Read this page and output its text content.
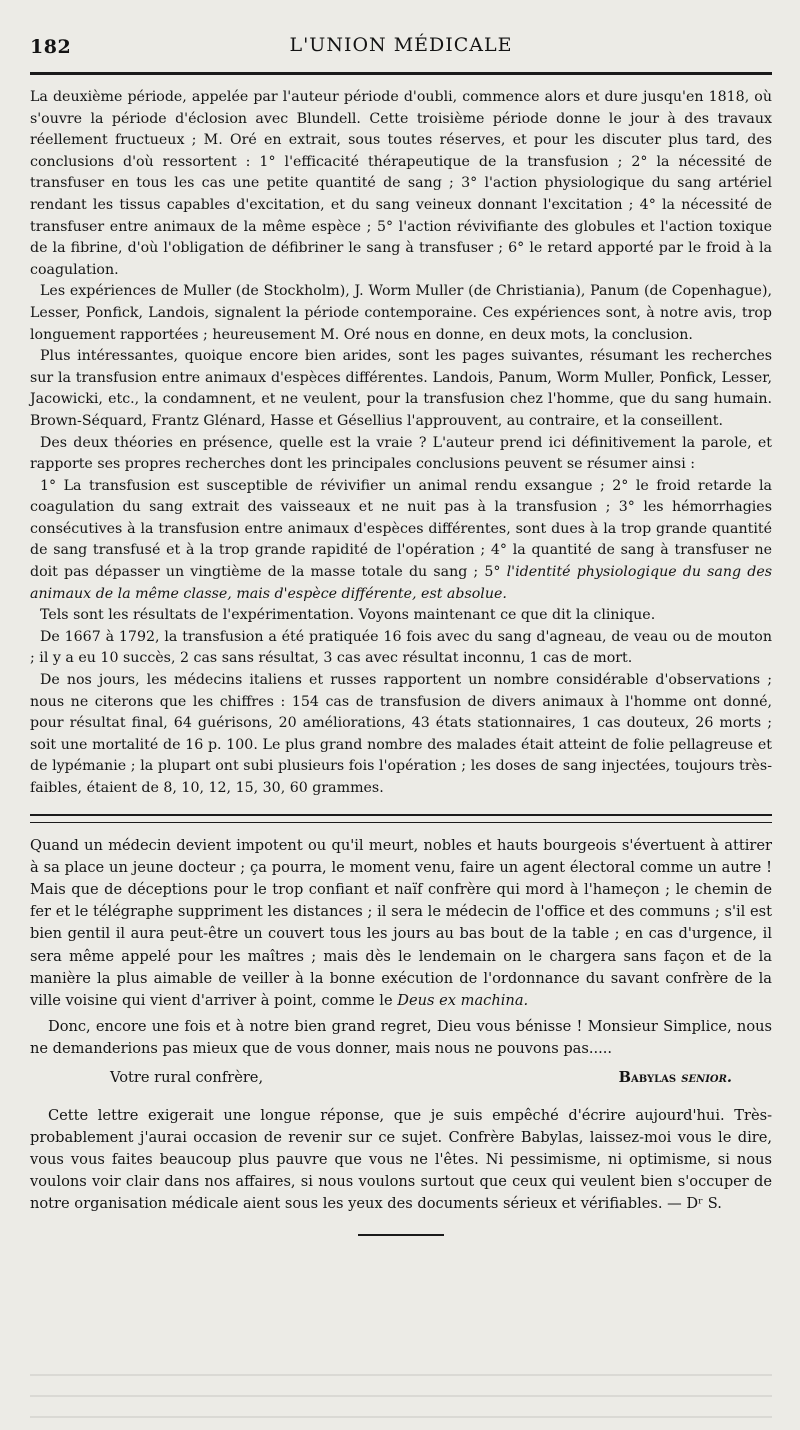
182	L'UNION MÉDICALE

La deuxième période, appelée par l'auteur période d'oubli, commence alors et dure jusqu'en 1818, où s'ouvre la période d'éclosion avec Blundell. Cette troisième période donne le jour à des travaux réellement fructueux ; M. Oré en extrait, sous toutes réserves, et pour les discuter plus tard, des conclusions d'où ressortent : 1° l'efficacité thérapeutique de la transfusion ; 2° la nécessité de transfuser en tous les cas une petite quantité de sang ; 3° l'action physiologique du sang artériel rendant les tissus capables d'excitation, et du sang veineux donnant l'excitation ; 4° la nécessité de transfuser entre animaux de la même espèce ; 5° l'action révivifiante des globules et l'action toxique de la fibrine, d'où l'obligation de défibriner le sang à transfuser ; 6° le retard apporté par le froid à la coagulation.

Les expériences de Muller (de Stockholm), J. Worm Muller (de Christiania), Panum (de Copenhague), Lesser, Ponfick, Landois, signalent la période contemporaine. Ces expériences sont, à notre avis, trop longuement rapportées ; heureusement M. Oré nous en donne, en deux mots, la conclusion.

Plus intéressantes, quoique encore bien arides, sont les pages suivantes, résumant les recherches sur la transfusion entre animaux d'espèces différentes. Landois, Panum, Worm Muller, Ponfick, Lesser, Jacowicki, etc., la condamnent, et ne veulent, pour la transfusion chez l'homme, que du sang humain. Brown-Séquard, Frantz Glénard, Hasse et Gésellius l'approuvent, au contraire, et la conseillent.

Des deux théories en présence, quelle est la vraie ? L'auteur prend ici définitivement la parole, et rapporte ses propres recherches dont les principales conclusions peuvent se résumer ainsi :

1° La transfusion est susceptible de révivifier un animal rendu exsangue ; 2° le froid retarde la coagulation du sang extrait des vaisseaux et ne nuit pas à la transfusion ; 3° les hémorrhagies consécutives à la transfusion entre animaux d'espèces différentes, sont dues à la trop grande quantité de sang transfusé et à la trop grande rapidité de l'opération ; 4° la quantité de sang à transfuser ne doit pas dépasser un vingtième de la masse totale du sang ; 5° l'identité physiologique du sang des animaux de la même classe, mais d'espèce différente, est absolue.

Tels sont les résultats de l'expérimentation. Voyons maintenant ce que dit la clinique.

De 1667 à 1792, la transfusion a été pratiquée 16 fois avec du sang d'agneau, de veau ou de mouton ; il y a eu 10 succès, 2 cas sans résultat, 3 cas avec résultat inconnu, 1 cas de mort.

De nos jours, les médecins italiens et russes rapportent un nombre considérable d'observations ; nous ne citerons que les chiffres : 154 cas de transfusion de divers animaux à l'homme ont donné, pour résultat final, 64 guérisons, 20 améliorations, 43 états stationnaires, 1 cas douteux, 26 morts ; soit une mortalité de 16 p. 100. Le plus grand nombre des malades était atteint de folie pellagreuse et de lypémanie ; la plupart ont subi plusieurs fois l'opération ; les doses de sang injectées, toujours très-faibles, étaient de 8, 10, 12, 15, 30, 60 grammes.

Quand un médecin devient impotent ou qu'il meurt, nobles et hauts bourgeois s'évertuent à attirer à sa place un jeune docteur ; ça pourra, le moment venu, faire un agent électoral comme un autre ! Mais que de déceptions pour le trop confiant et naïf confrère qui mord à l'hameçon ; le chemin de fer et le télégraphe suppriment les distances ; il sera le médecin de l'office et des communs ; s'il est bien gentil il aura peut-être un couvert tous les jours au bas bout de la table ; en cas d'urgence, il sera même appelé pour les maîtres ; mais dès le lendemain on le chargera sans façon et de la manière la plus aimable de veiller à la bonne exécution de l'ordonnance du savant confrère de la ville voisine qui vient d'arriver à point, comme le Deus ex machina.

Donc, encore une fois et à notre bien grand regret, Dieu vous bénisse ! Monsieur Simplice, nous ne demanderions pas mieux que de vous donner, mais nous ne pouvons pas.....

Votre rural confrère,	Babylas senior.

Cette lettre exigerait une longue réponse, que je suis empêché d'écrire aujourd'hui. Très-probablement j'aurai occasion de revenir sur ce sujet. Confrère Babylas, laissez-moi vous le dire, vous vous faites beaucoup plus pauvre que vous ne l'êtes. Ni pessimisme, ni optimisme, si nous voulons voir clair dans nos affaires, si nous voulons surtout que ceux qui veulent bien s'occuper de notre organisation médicale aient sous les yeux des documents sérieux et vérifiables. — Dʳ S.
